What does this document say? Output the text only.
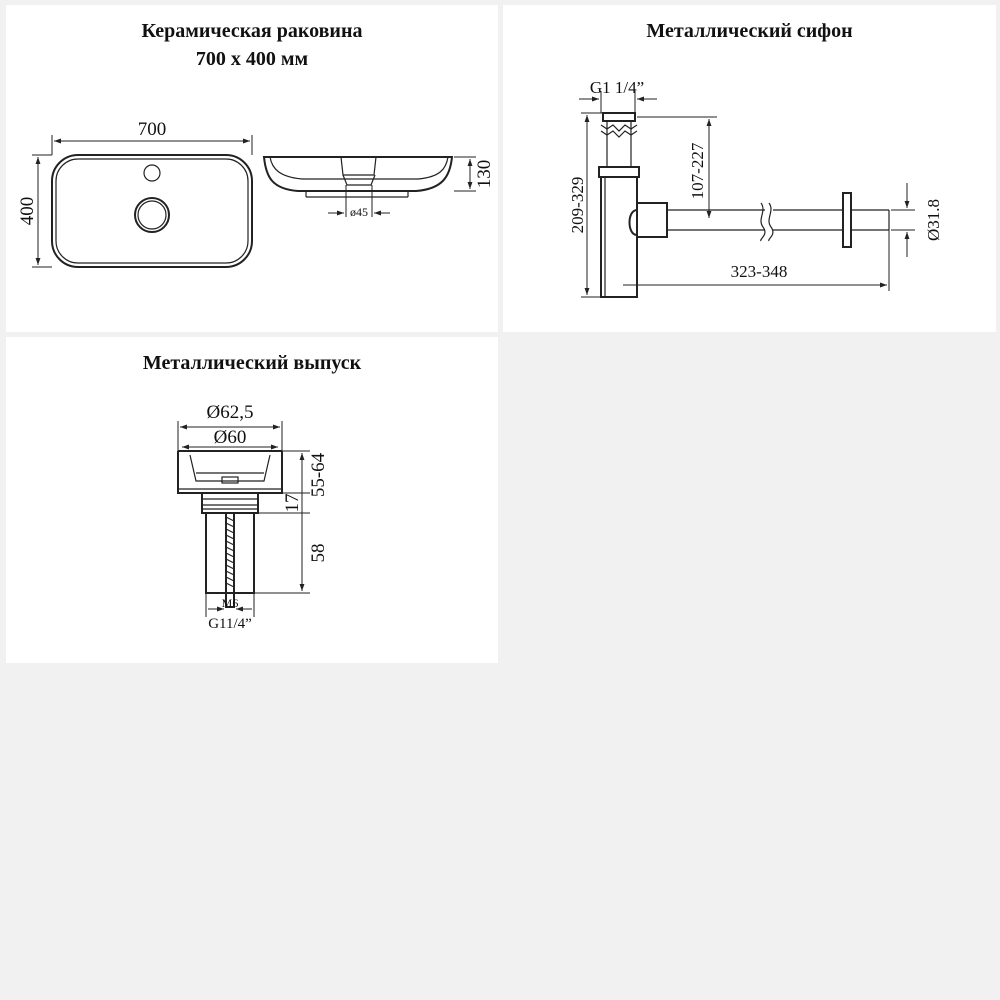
Керамическая раковина
700 х 400 мм
700
400
130
ø45
Металлический сифон
G1 1/4”
209-329
107-227
323-348
Ø31.8
Металлический выпуск
Ø62,5
Ø60
M6
G11/4”
55-64
17
58
